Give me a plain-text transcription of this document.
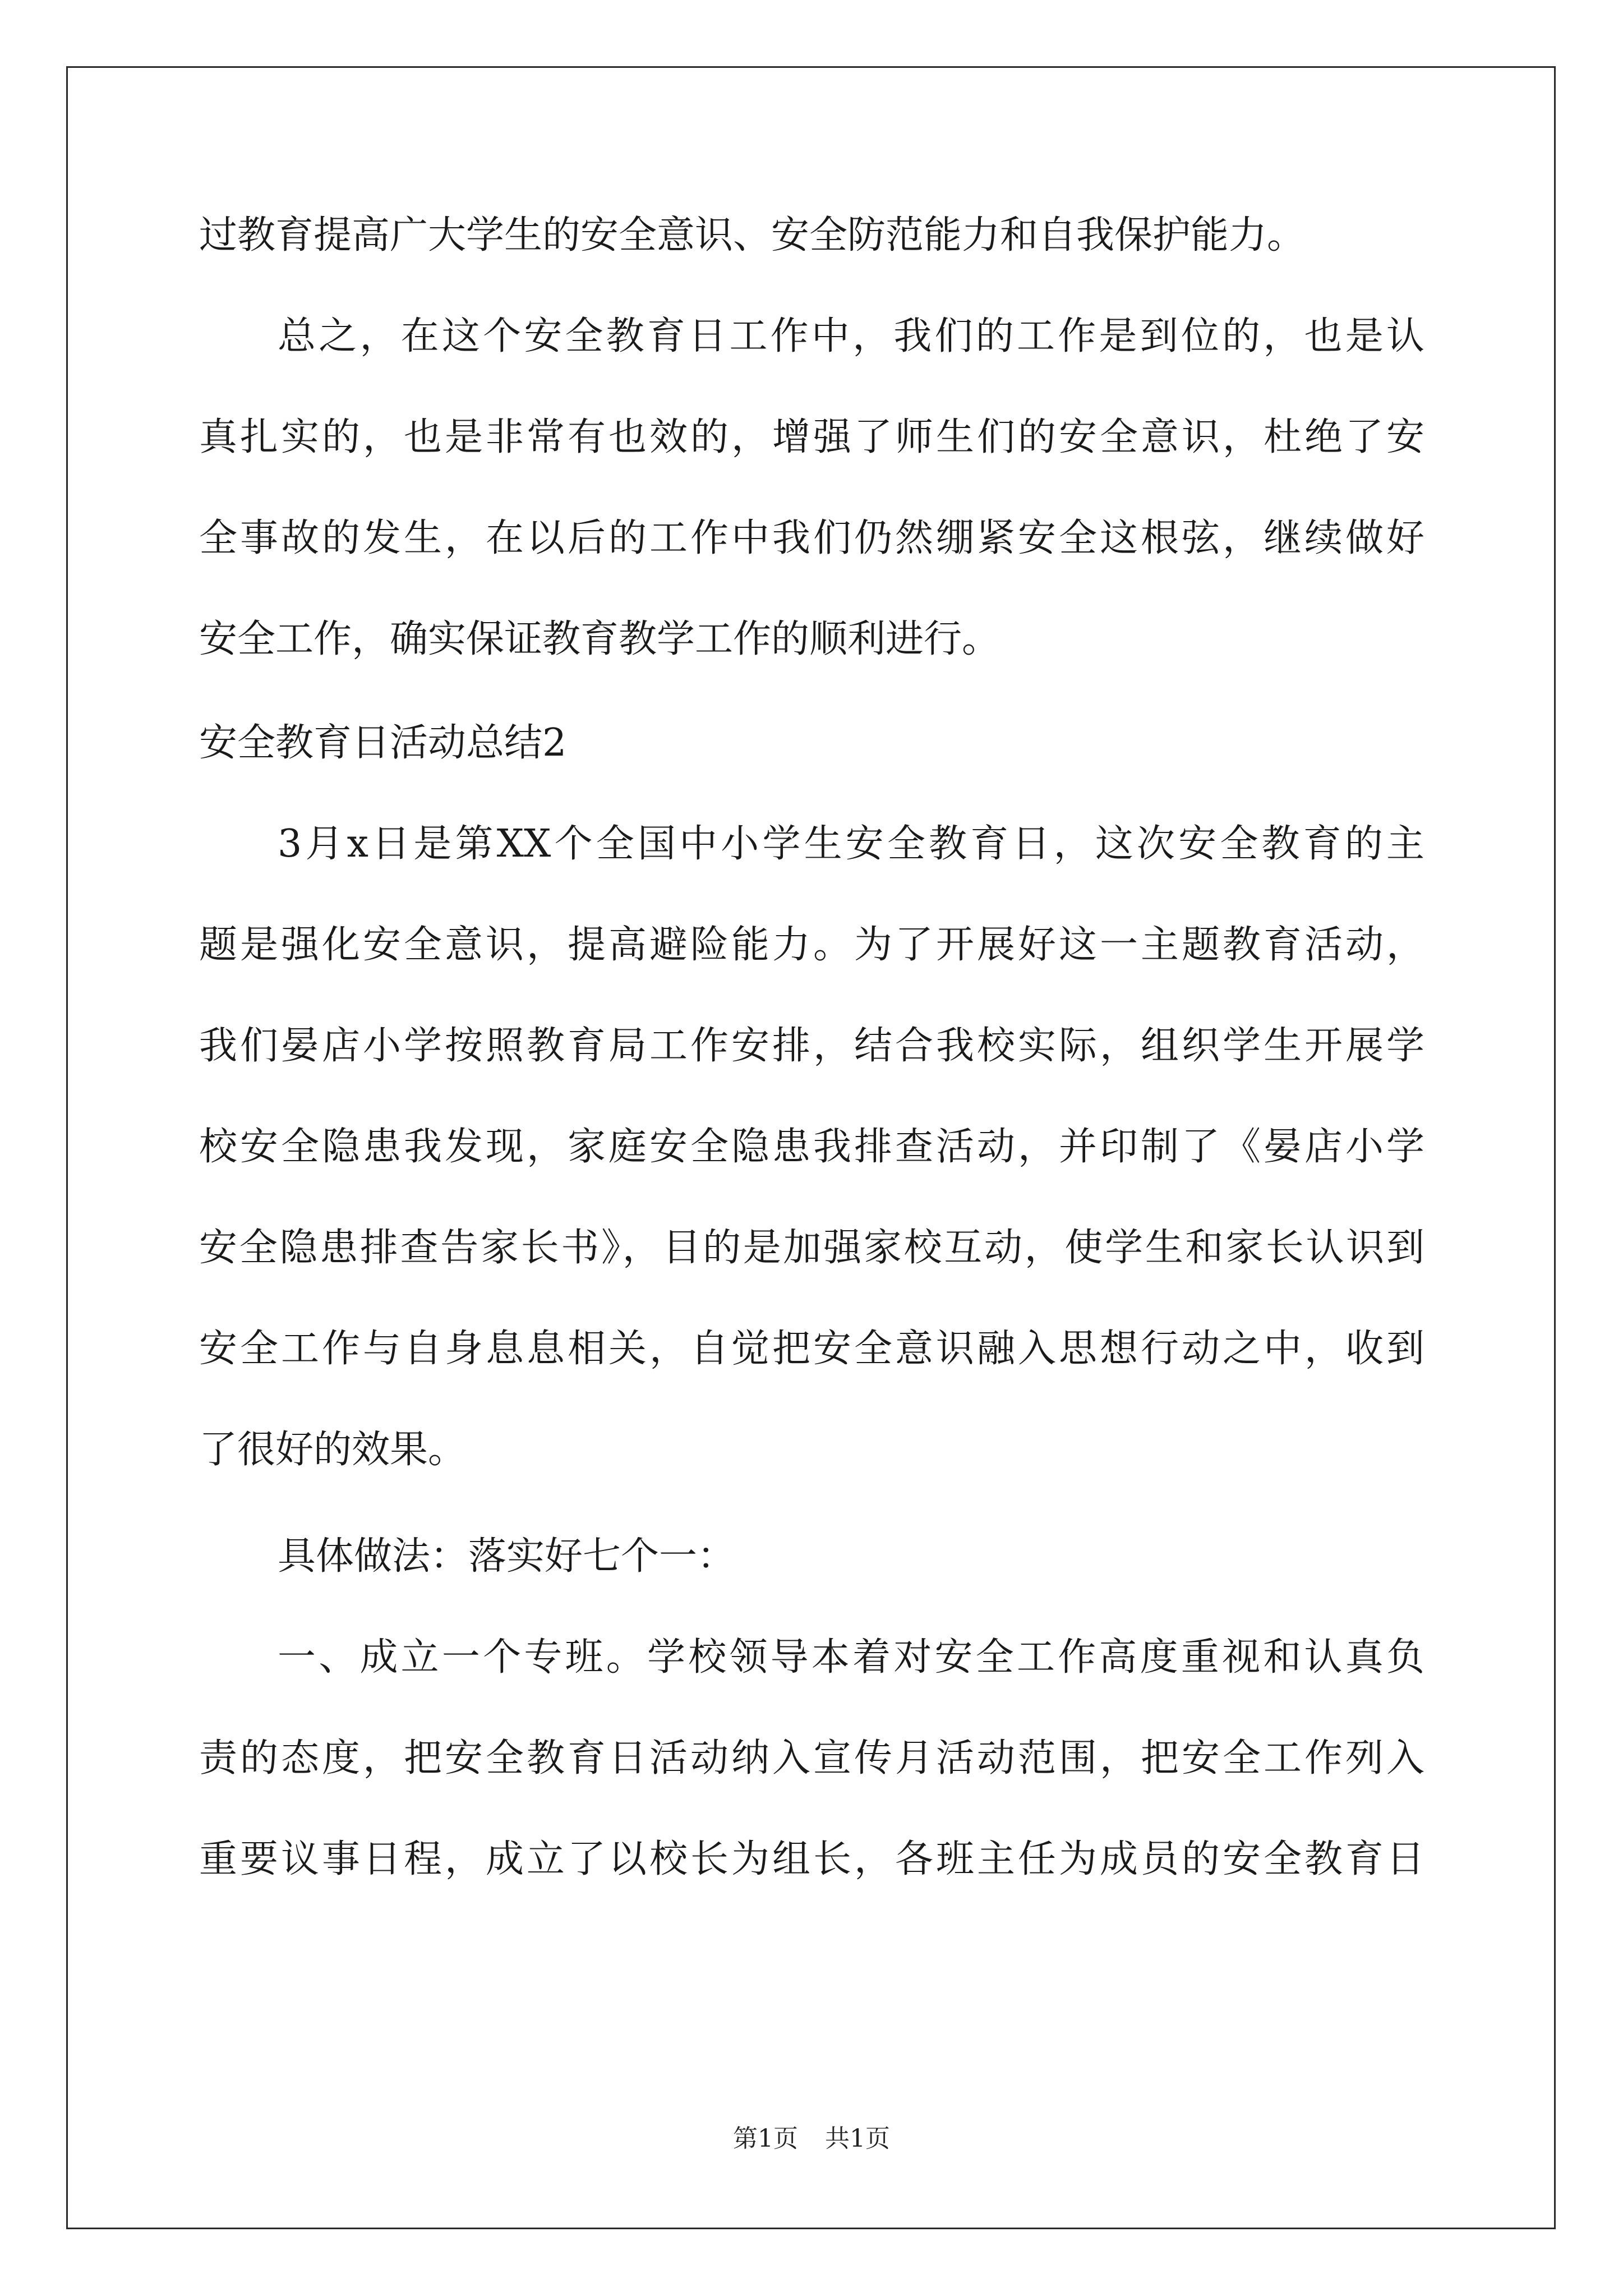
过教育提高广大学生的安全意识、安全防范能力和自我保护能力。
总之，在这个安全教育日工作中，我们的工作是到位的，也是认
真扎实的，也是非常有也效的，增强了师生们的安全意识，杜绝了安
全事故的发生，在以后的工作中我们仍然绷紧安全这根弦，继续做好
安全工作，确实保证教育教学工作的顺利进行。
安全教育日活动总结2
3月x日是第XX个全国中小学生安全教育日，这次安全教育的主
题是强化安全意识，提高避险能力。为了开展好这一主题教育活动，
我们晏店小学按照教育局工作安排，结合我校实际，组织学生开展学
校安全隐患我发现，家庭安全隐患我排查活动，并印制了《晏店小学
安全隐患排查告家长书》，目的是加强家校互动，使学生和家长认识到
安全工作与自身息息相关，自觉把安全意识融入思想行动之中，收到
了很好的效果。
具体做法：落实好七个一：
一、成立一个专班。学校领导本着对安全工作高度重视和认真负
责的态度，把安全教育日活动纳入宣传月活动范围，把安全工作列入
重要议事日程，成立了以校长为组长，各班主任为成员的安全教育日
第1页 共1页
